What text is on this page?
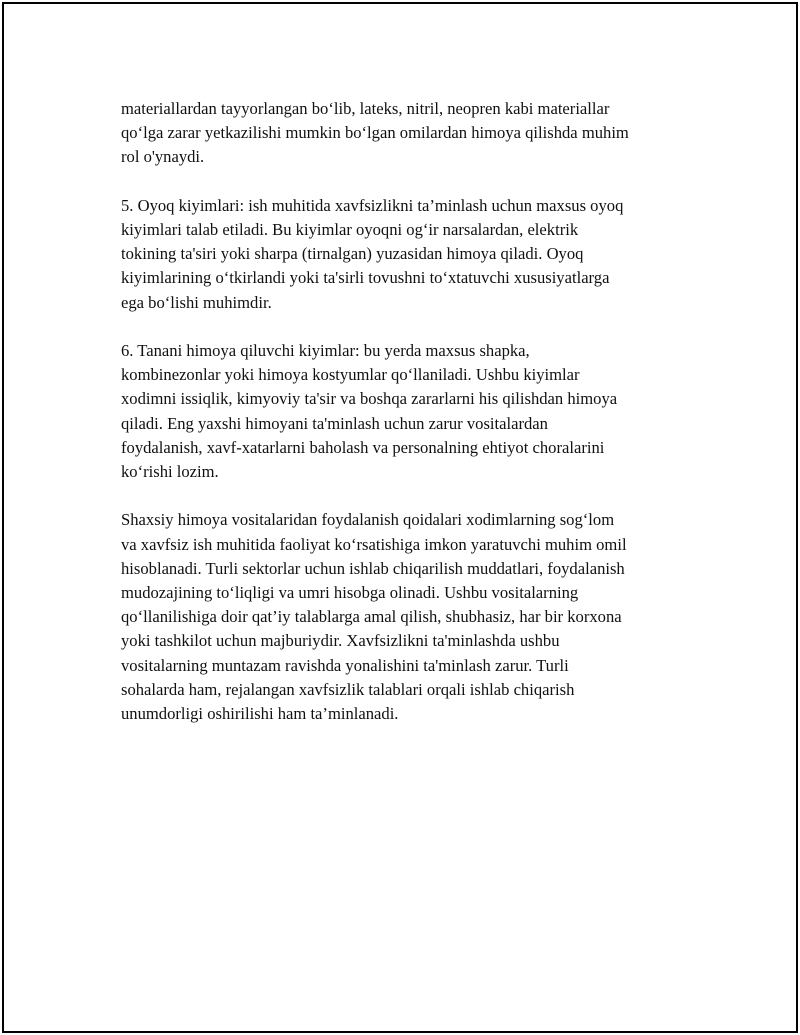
materiallardan tayyorlangan bo‘lib, lateks, nitril, neopren kabi materiallar
qo‘lga zarar yetkazilishi mumkin bo‘lgan omilardan himoya qilishda muhim
rol o'ynaydi.
5. Oyoq kiyimlari: ish muhitida xavfsizlikni ta’minlash uchun maxsus oyoq
kiyimlari talab etiladi. Bu kiyimlar oyoqni og‘ir narsalardan, elektrik
tokining ta'siri yoki sharpa (tirnalgan) yuzasidan himoya qiladi. Oyoq
kiyimlarining o‘tkirlandi yoki ta'sirli tovushni to‘xtatuvchi xususiyatlarga
ega bo‘lishi muhimdir.
6. Tanani himoya qiluvchi kiyimlar: bu yerda maxsus shapka,
kombinezonlar yoki himoya kostyumlar qo‘llaniladi. Ushbu kiyimlar
xodimni issiqlik, kimyoviy ta'sir va boshqa zararlarni his qilishdan himoya
qiladi. Eng yaxshi himoyani ta'minlash uchun zarur vositalardan
foydalanish, xavf-xatarlarni baholash va personalning ehtiyot choralarini
ko‘rishi lozim.
Shaxsiy himoya vositalaridan foydalanish qoidalari xodimlarning sog‘lom
va xavfsiz ish muhitida faoliyat ko‘rsatishiga imkon yaratuvchi muhim omil
hisoblanadi. Turli sektorlar uchun ishlab chiqarilish muddatlari, foydalanish
mudozajining to‘liqligi va umri hisobga olinadi. Ushbu vositalarning
qo‘llanilishiga doir qat’iy talablarga amal qilish, shubhasiz, har bir korxona
yoki tashkilot uchun majburiydir. Xavfsizlikni ta'minlashda ushbu
vositalarning muntazam ravishda yonalishini ta'minlash zarur. Turli
sohalarda ham, rejalangan xavfsizlik talablari orqali ishlab chiqarish
unumdorligi oshirilishi ham ta’minlanadi.
